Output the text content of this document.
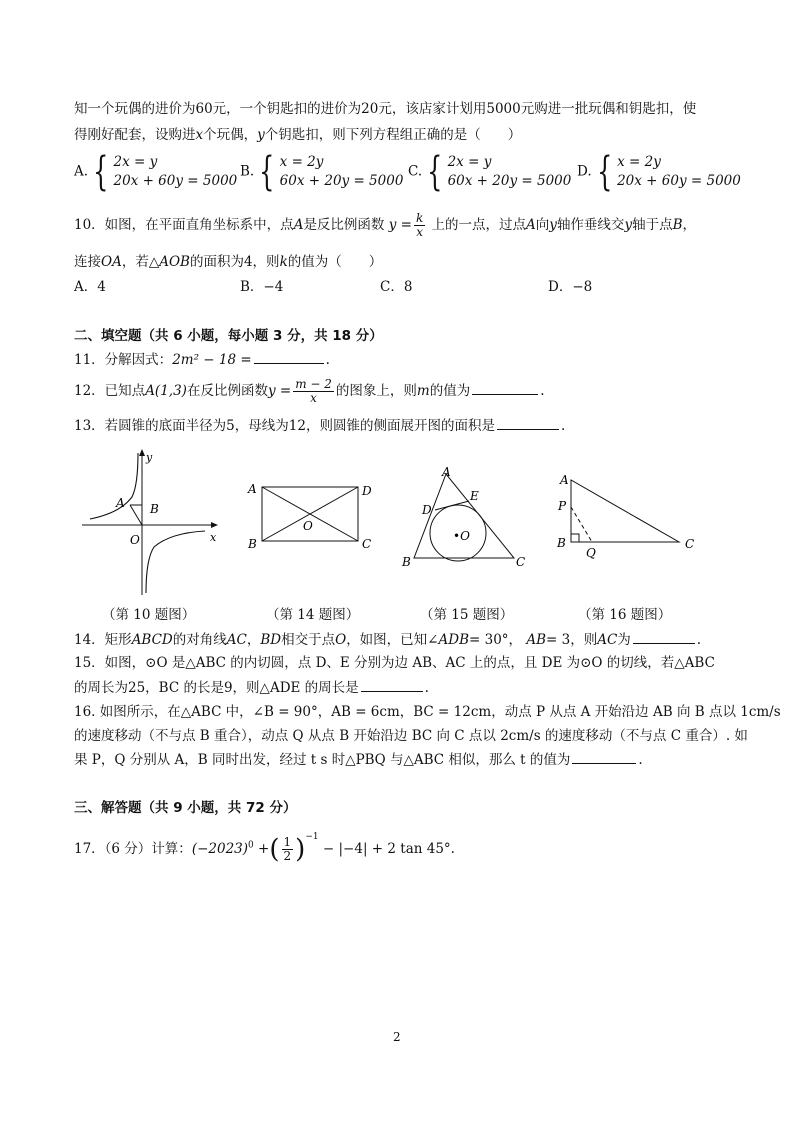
知一个玩偶的进价为60元，一个钥匙扣的进价为20元，该店家计划用5000元购进一批玩偶和钥匙扣，使
得刚好配套，设购进x个玩偶，y个钥匙扣，则下列方程组正确的是（　　）
A. { 2x = y
20x + 60y = 5000
B. { x = 2y
60x + 20y = 5000
C. { 2x = y
60x + 20y = 5000
D. { x = 2y
20x + 60y = 5000
10．如图，在平面直角坐标系中，点A是反比例函数 $y = \frac{k}{x}$ 上的一点，过点A向y轴作垂线交y轴于点B，
连接OA，若△AOB的面积为4，则k的值为（　　）
A．4	B．−4	C．8	D．−8
二、填空题（共 6 小题，每小题 3 分，共 18 分）
11．分解因式：2m² − 18 =	.
12．已知点A(1,3)在反比例函数$y = \frac{m - 2}{x}$ 的图象上，则m的值为	.
13．若圆锥的底面半径为5，母线为12，则圆锥的侧面展开图的面积是	.
y
x
A B
O
A	D
B	C
O
A
E
D
•O
B	C
A
P
B
Q
C
（第 10 题图）	（第 14 题图）	（第 15 题图）	（第 16 题图）
14．矩形ABCD的对角线AC，BD相交于点O，如图，已知∠ADB= 30°， AB= 3，则AC为	.
15．如图，⊙O 是△ABC 的内切圆，点 D、E 分别为边 AB、AC 上的点，且 DE 为⊙O 的切线，若△ABC
的周长为25，BC 的长是9，则△ADE 的周长是	.
16. 如图所示，在△ABC 中，∠B = 90°，AB = 6cm，BC = 12cm，动点 P 从点 A 开始沿边 AB 向 B 点以 1cm/s
的速度移动（不与点 B 重合），动点 Q 从点 B 开始沿边 BC 向 C 点以 2cm/s 的速度移动（不与点 C 重合）. 如
果 P，Q 分别从 A，B 同时出发，经过 t s 时△PBQ 与△ABC 相似，那么 t 的值为	.
三、解答题（共 9 小题，共 72 分）
17．（6 分）计算：$(-2023)^0$ +( $\frac{1}{2} )^{-1} - |-4| + 2$ tan 45°.
2
